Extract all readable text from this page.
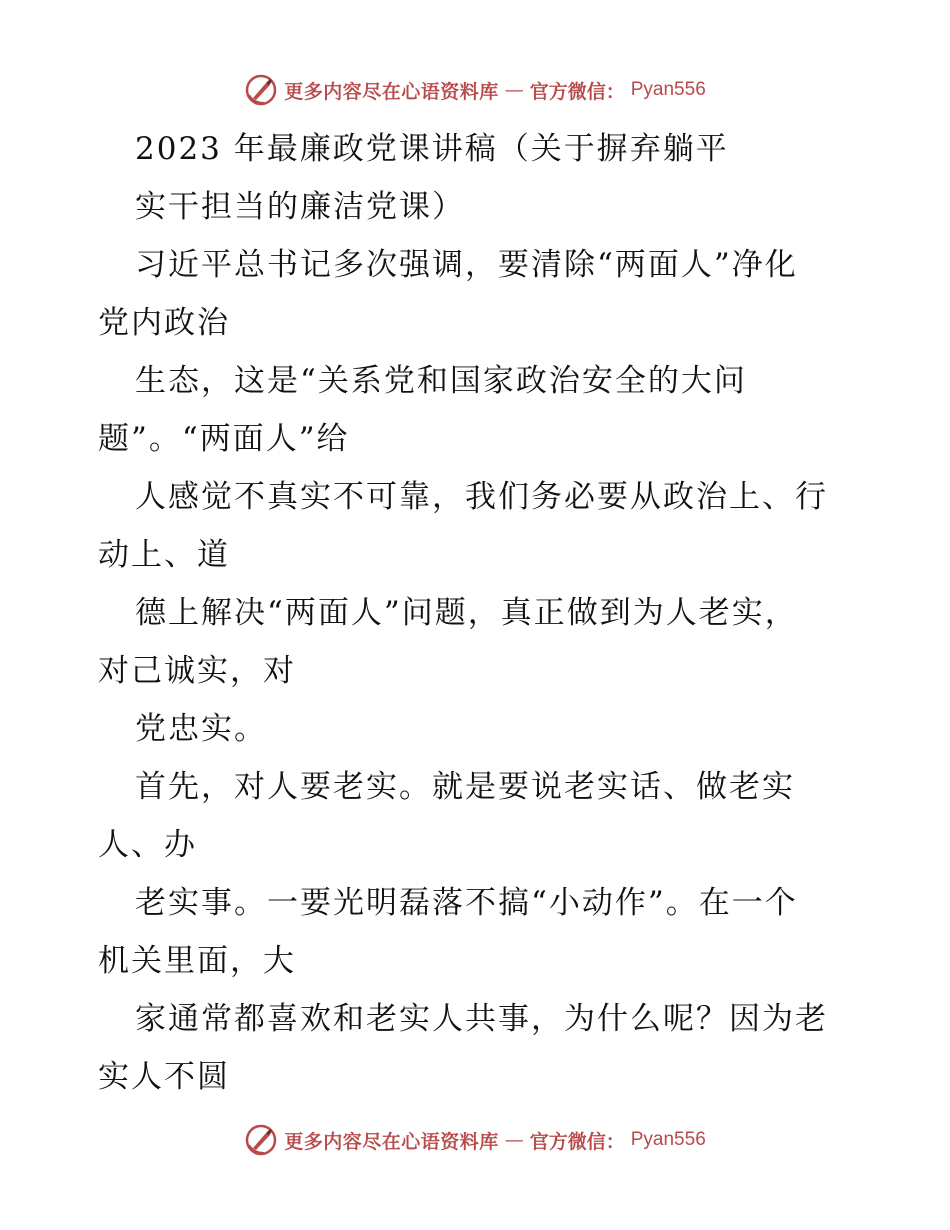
更多内容尽在心语资料库 — 官方微信： Pyan556
2023 年最廉政党课讲稿（关于摒弃躺平
实干担当的廉洁党课）
习近平总书记多次强调，要清除“两面人”净化
党内政治
生态，这是“关系党和国家政治安全的大问
题”。“两面人”给
人感觉不真实不可靠，我们务必要从政治上、行
动上、道
德上解决“两面人”问题，真正做到为人老实，
对己诚实，对
党忠实。
首先，对人要老实。就是要说老实话、做老实
人、办
老实事。一要光明磊落不搞“小动作”。在一个
机关里面，大
家通常都喜欢和老实人共事，为什么呢？因为老
实人不圆
更多内容尽在心语资料库 — 官方微信： Pyan556
